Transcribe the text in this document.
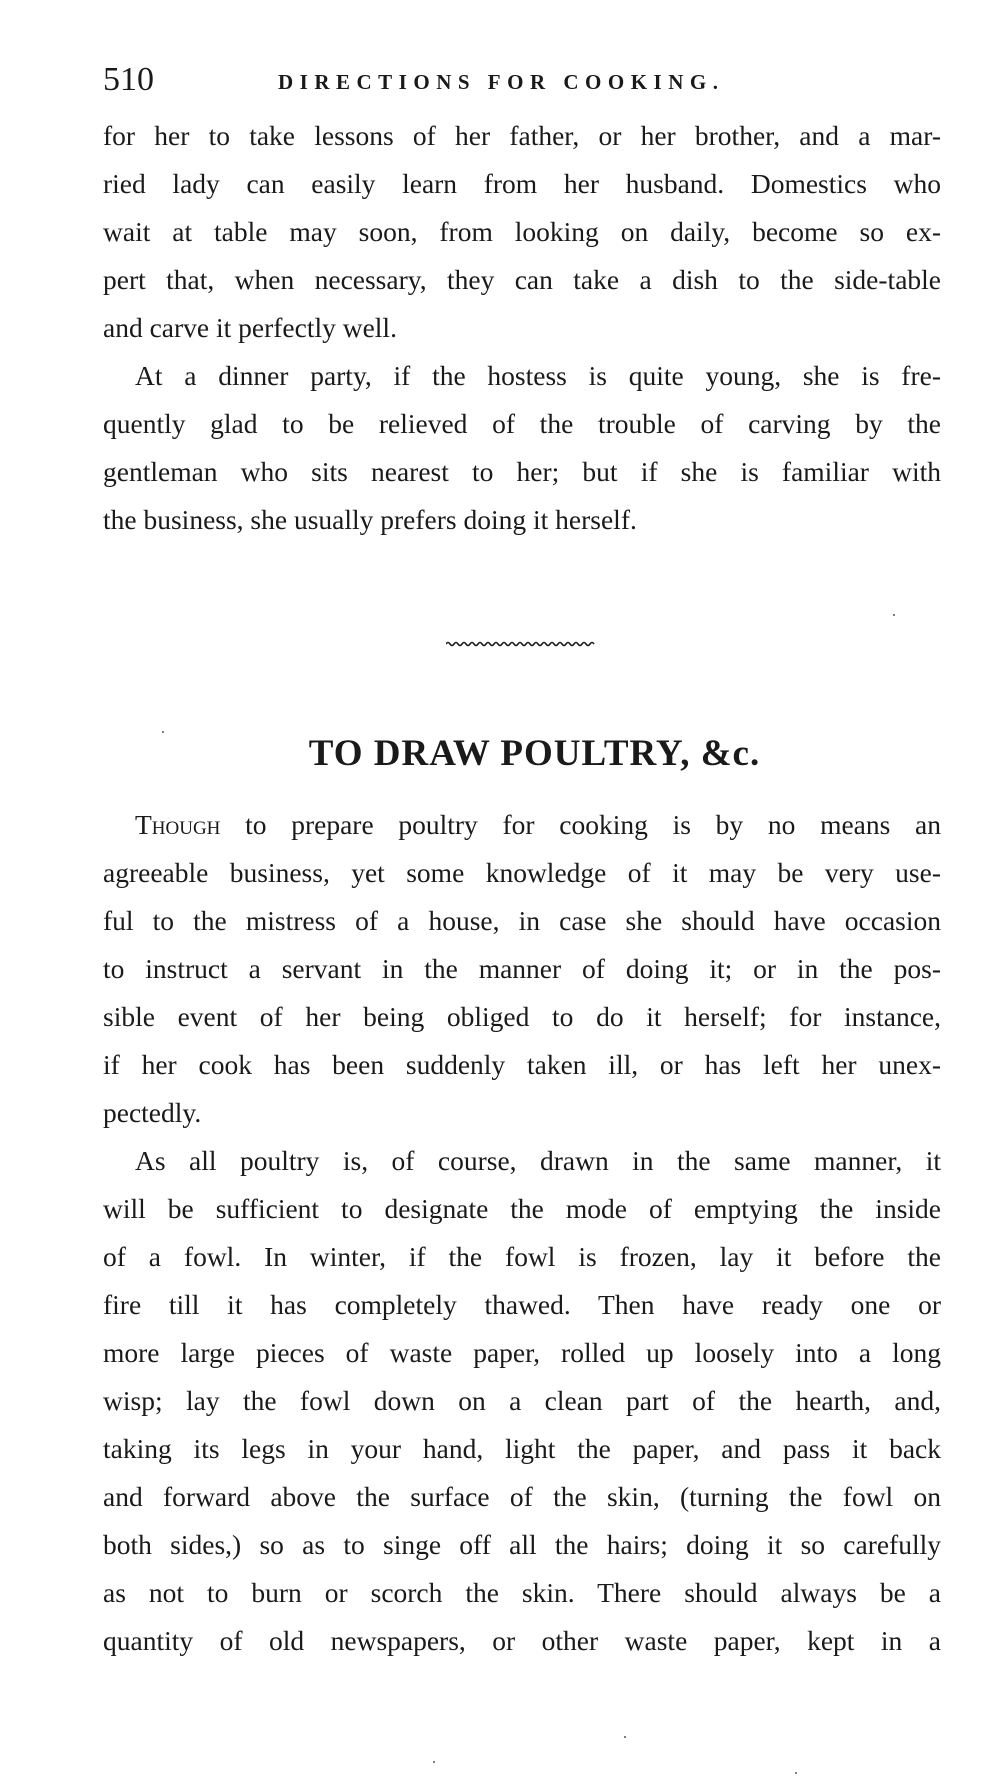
510	DIRECTIONS FOR COOKING.

for her to take lessons of her father, or her brother, and a mar-
ried lady can easily learn from her husband. Domestics who
wait at table may soon, from looking on daily, become so ex-
pert that, when necessary, they can take a dish to the side-table
and carve it perfectly well.

At a dinner party, if the hostess is quite young, she is fre-
quently glad to be relieved of the trouble of carving by the
gentleman who sits nearest to her; but if she is familiar with
the business, she usually prefers doing it herself.

TO DRAW POULTRY, &c.

Though to prepare poultry for cooking is by no means an
agreeable business, yet some knowledge of it may be very use-
ful to the mistress of a house, in case she should have occasion
to instruct a servant in the manner of doing it; or in the pos-
sible event of her being obliged to do it herself; for instance,
if her cook has been suddenly taken ill, or has left her unex-
pectedly.

As all poultry is, of course, drawn in the same manner, it
will be sufficient to designate the mode of emptying the inside
of a fowl. In winter, if the fowl is frozen, lay it before the
fire till it has completely thawed. Then have ready one or
more large pieces of waste paper, rolled up loosely into a long
wisp; lay the fowl down on a clean part of the hearth, and,
taking its legs in your hand, light the paper, and pass it back
and forward above the surface of the skin, (turning the fowl on
both sides,) so as to singe off all the hairs; doing it so carefully
as not to burn or scorch the skin. There should always be a
quantity of old newspapers, or other waste paper, kept in a
